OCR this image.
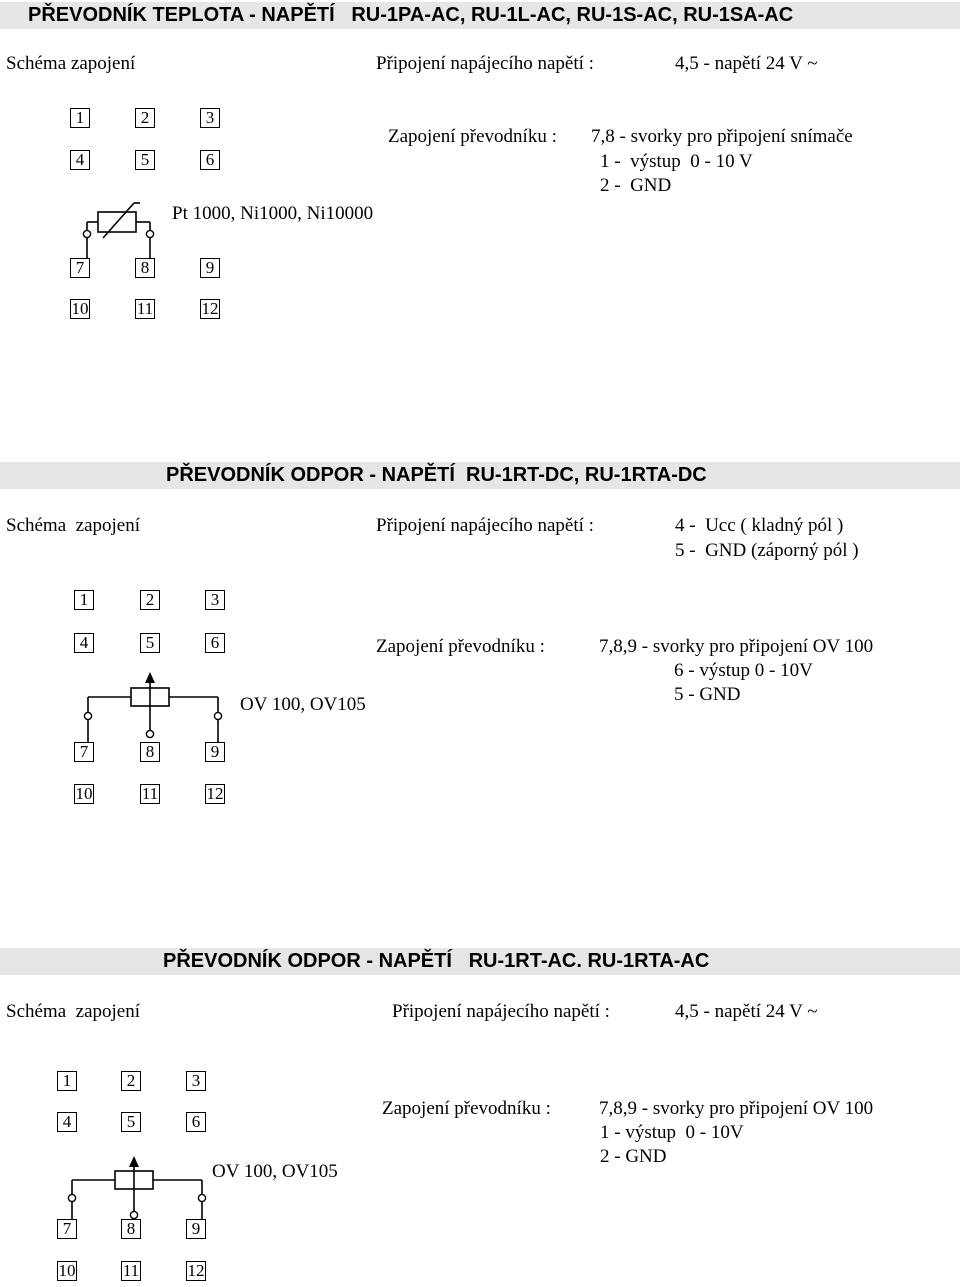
PŘEVODNÍK TEPLOTA - NAPĚTÍ   RU-1PA-AC, RU-1L-AC, RU-1S-AC, RU-1SA-AC
Schéma zapojení	Připojení napájecího napětí :	4,5 - napětí 24 V ~
Zapojení převodníku : 7,8 - svorky pro připojení snímače
1 -  výstup  0 - 10 V
2 -  GND
Pt 1000, Ni1000, Ni10000
1	2	3
4	5	6
7	8	9
10	11	12
PŘEVODNÍK ODPOR - NAPĚTÍ  RU-1RT-DC, RU-1RTA-DC
Schéma  zapojení	Připojení napájecího napětí :	4 -  Ucc ( kladný pól )
5 -  GND (záporný pól )
Zapojení převodníku :	7,8,9 - svorky pro připojení OV 100
6 - výstup 0 - 10V
5 - GND
OV 100, OV105
1	2	3
4	5	6
7	8	9
10	11	12
PŘEVODNÍK ODPOR - NAPĚTÍ   RU-1RT-AC. RU-1RTA-AC
Schéma  zapojení	Připojení napájecího napětí :	4,5 - napětí 24 V ~
Zapojení převodníku :	7,8,9 - svorky pro připojení OV 100
1 - výstup  0 - 10V
2 - GND
OV 100, OV105
1	2	3
4	5	6
7	8	9
10	11	12
